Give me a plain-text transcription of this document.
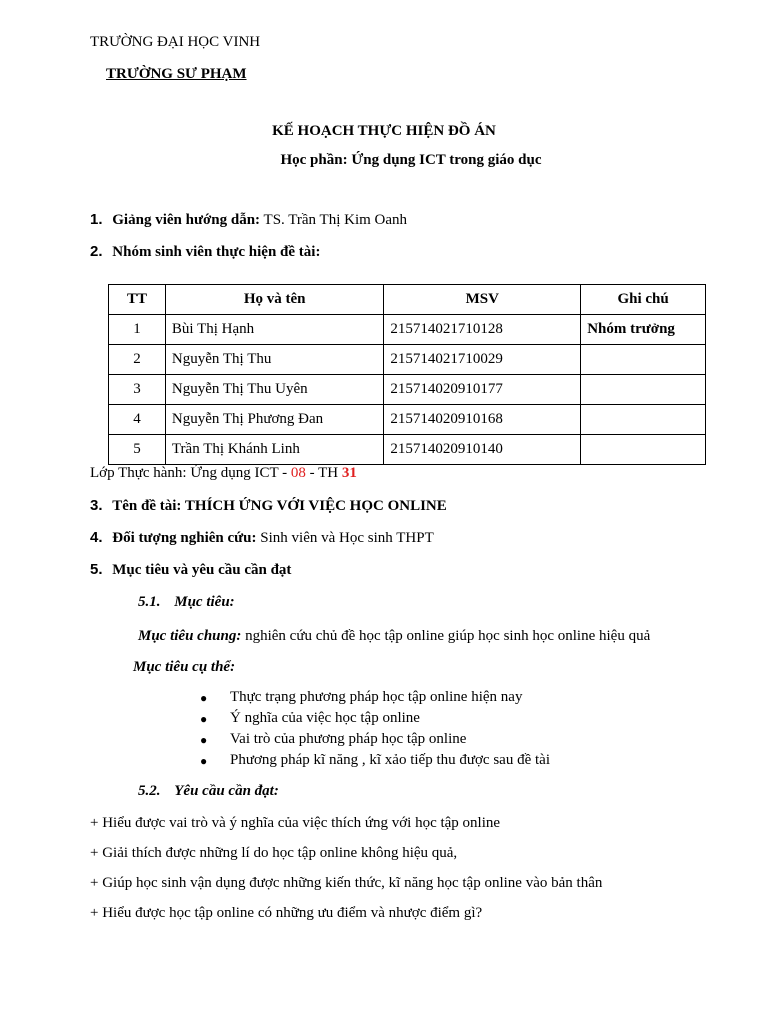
TRƯỜNG ĐẠI HỌC VINH
TRƯỜNG SƯ PHẠM
KẾ HOẠCH THỰC HIỆN ĐỒ ÁN
Học phần: Ứng dụng ICT trong giáo dục
1. Giảng viên hướng dẫn: TS. Trần Thị Kim Oanh
2. Nhóm sinh viên thực hiện đề tài:
TT	Họ và tên	MSV	Ghi chú
1	Bùi Thị Hạnh	215714021710128	Nhóm trưởng
2	Nguyễn Thị Thu	215714021710029	
3	Nguyễn Thị Thu Uyên	215714020910177	
4	Nguyễn Thị Phương Đan	215714020910168	
5	Trần Thị Khánh Linh	215714020910140	
Lớp Thực hành: Ứng dụng ICT - 08 - TH 31
3. Tên đề tài: THÍCH ỨNG VỚI VIỆC HỌC ONLINE
4. Đối tượng nghiên cứu: Sinh viên và Học sinh THPT
5. Mục tiêu và yêu cầu cần đạt
5.1. Mục tiêu:
Mục tiêu chung: nghiên cứu chủ đề học tập online giúp học sinh học online hiệu quả
Mục tiêu cụ thể:
● Thực trạng phương pháp học tập online hiện nay
● Ý nghĩa của việc học tập online
● Vai trò của phương pháp học tập online
● Phương pháp kĩ năng , kĩ xảo tiếp thu được sau đề tài
5.2. Yêu cầu cần đạt:
+ Hiểu được vai trò và ý nghĩa của việc thích ứng với học tập online
+ Giải thích được những lí do học tập online không hiệu quả,
+ Giúp học sinh vận dụng được những kiến thức, kĩ năng học tập online vào bản thân
+ Hiểu được học tập online có những ưu điểm và nhược điểm gì?
